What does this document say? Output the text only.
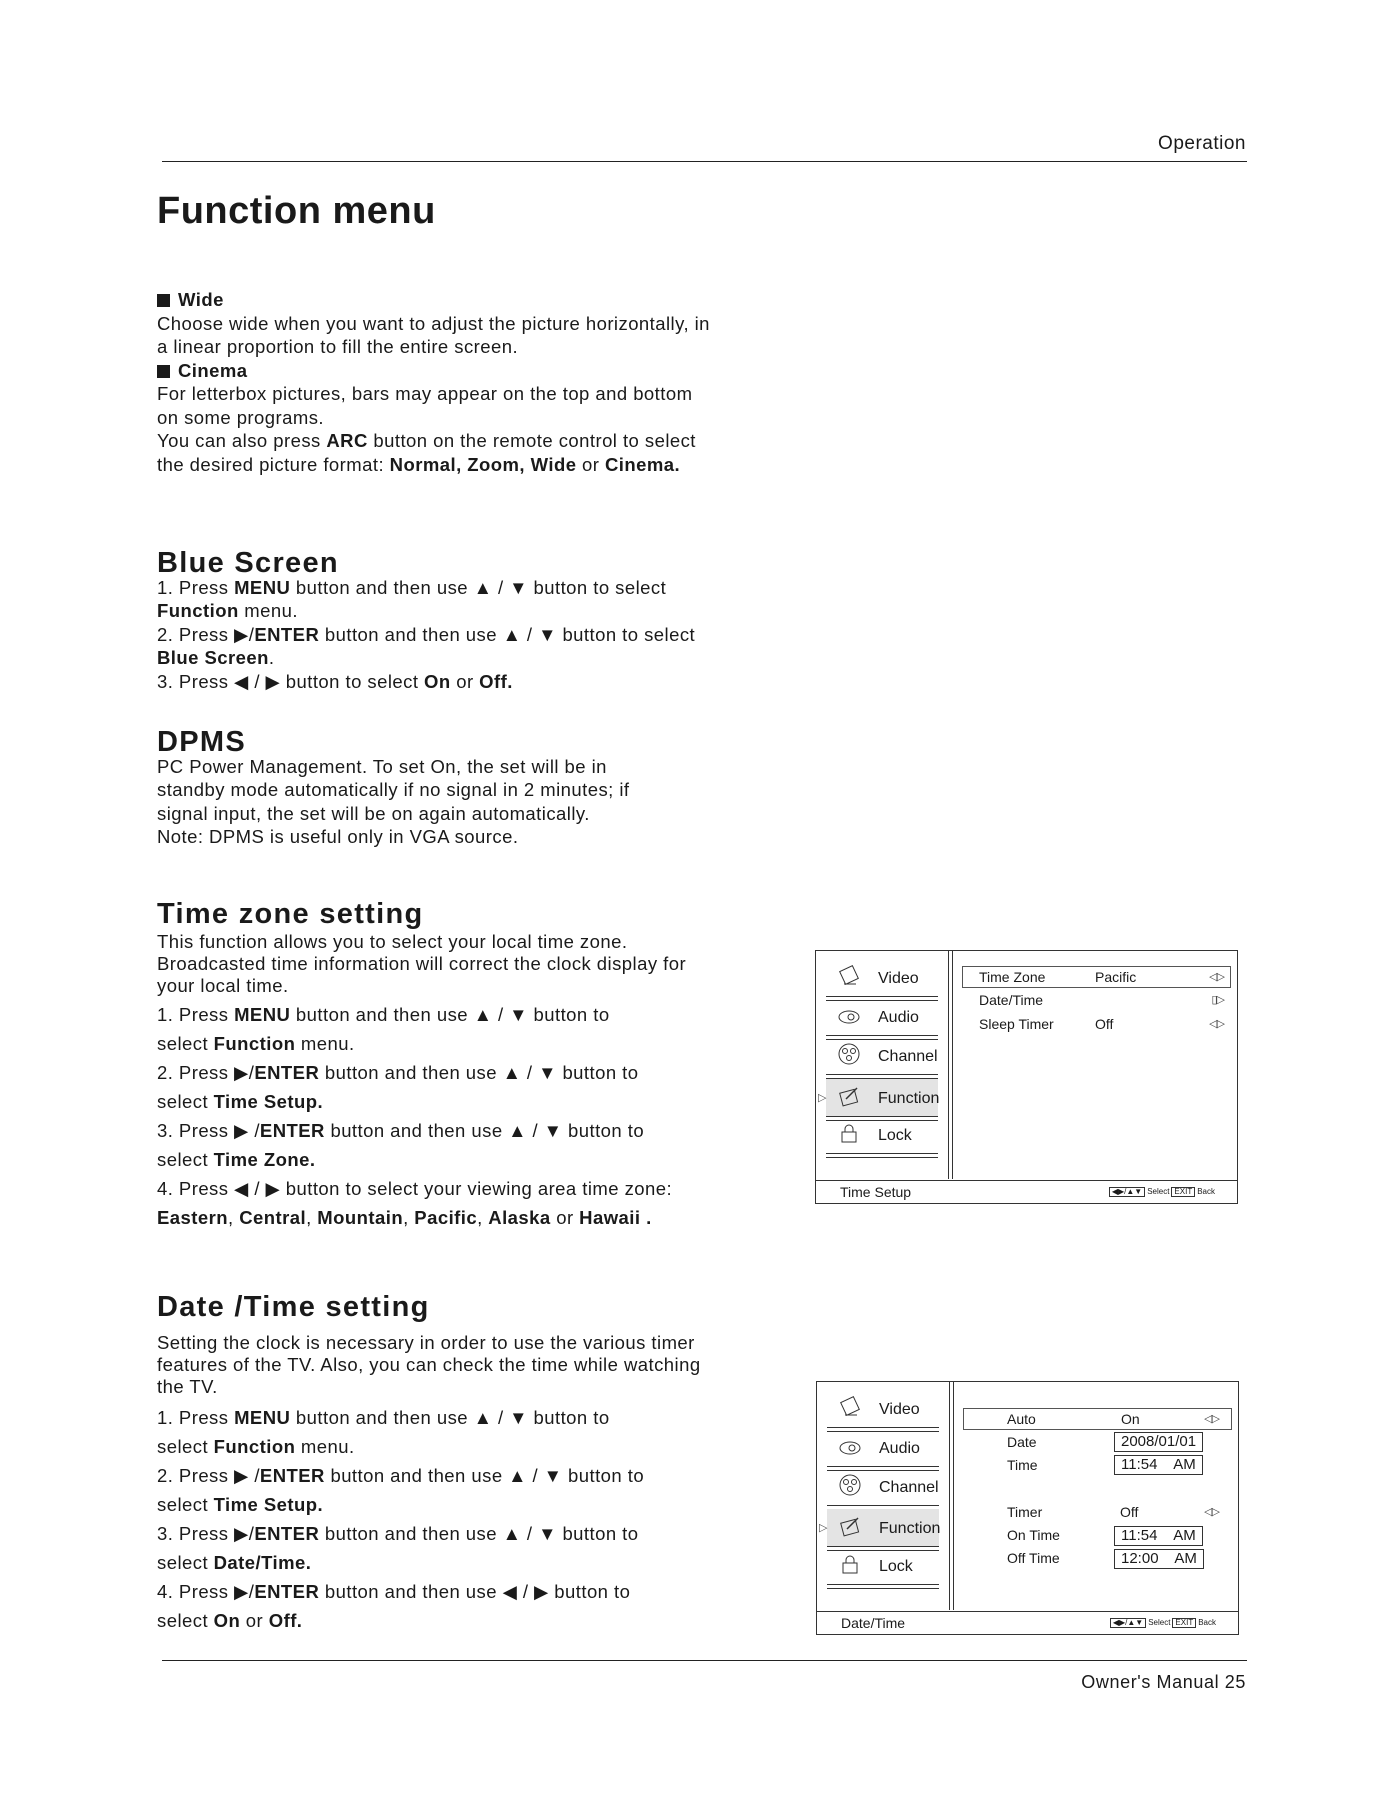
Operation
Function menu

Wide

Choose wide when you want to adjust the picture horizontally, in a linear proportion to fill the entire screen.

Cinema

For letterbox pictures, bars may appear on the top and bottom on some programs.

You can also press ARC button on the remote control to select the desired picture format: Normal, Zoom, Wide or Cinema.

Blue Screen

1. Press MENU button and then use ▲ / ▼ button to select Function menu.

2. Press ▶/ENTER button and then use ▲ / ▼ button to select Blue Screen.

3. Press ◀ / ▶ button to select On or Off.

DPMS

PC Power Management. To set On, the set will be in standby mode automatically if no signal in 2 minutes; if signal input, the set will be on again automatically.

Note: DPMS is useful only in VGA source.

Time zone setting

This function allows you to select your local time zone. Broadcasted time information will correct the clock display for your local time.

1. Press MENU button and then use ▲ / ▼ button to

select Function menu.

2. Press ▶/ENTER button and then use ▲ / ▼ button to

select Time Setup.

3. Press ▶ /ENTER button and then use ▲ / ▼ button to

select Time Zone.

4. Press ◀ / ▶ button to select your viewing area time zone:

Eastern, Central, Mountain, Pacific, Alaska or Hawaii .

Date /Time setting

Setting the clock is necessary in order to use the various timer features of the TV. Also, you can check the time while watching the TV.

1. Press MENU button and then use ▲ / ▼ button to

select Function menu.

2. Press ▶ /ENTER button and then use ▲ / ▼ button to

select Time Setup.

3. Press ▶/ENTER button and then use ▲ / ▼ button to

select Date/Time.

4. Press ▶/ENTER button and then use ◀ / ▶ button to

select On or Off.

Video
Audio
Channel
▷	Function
Lock
Time Zone	Pacific	◁▷
Date/Time	▯▷
Sleep Timer	Off	◁▷
Time Setup	◀▶/▲▼ Select EXIT Back
Video
Audio
Channel
▷	Function
Lock
Auto	On	◁▷
Date	2008/01/01
Time	11:54    AM
Timer	Off	◁▷
On Time	11:54    AM
Off Time	12:00    AM
Date/Time	◀▶/▲▼ Select EXIT Back
Owner's Manual 25
